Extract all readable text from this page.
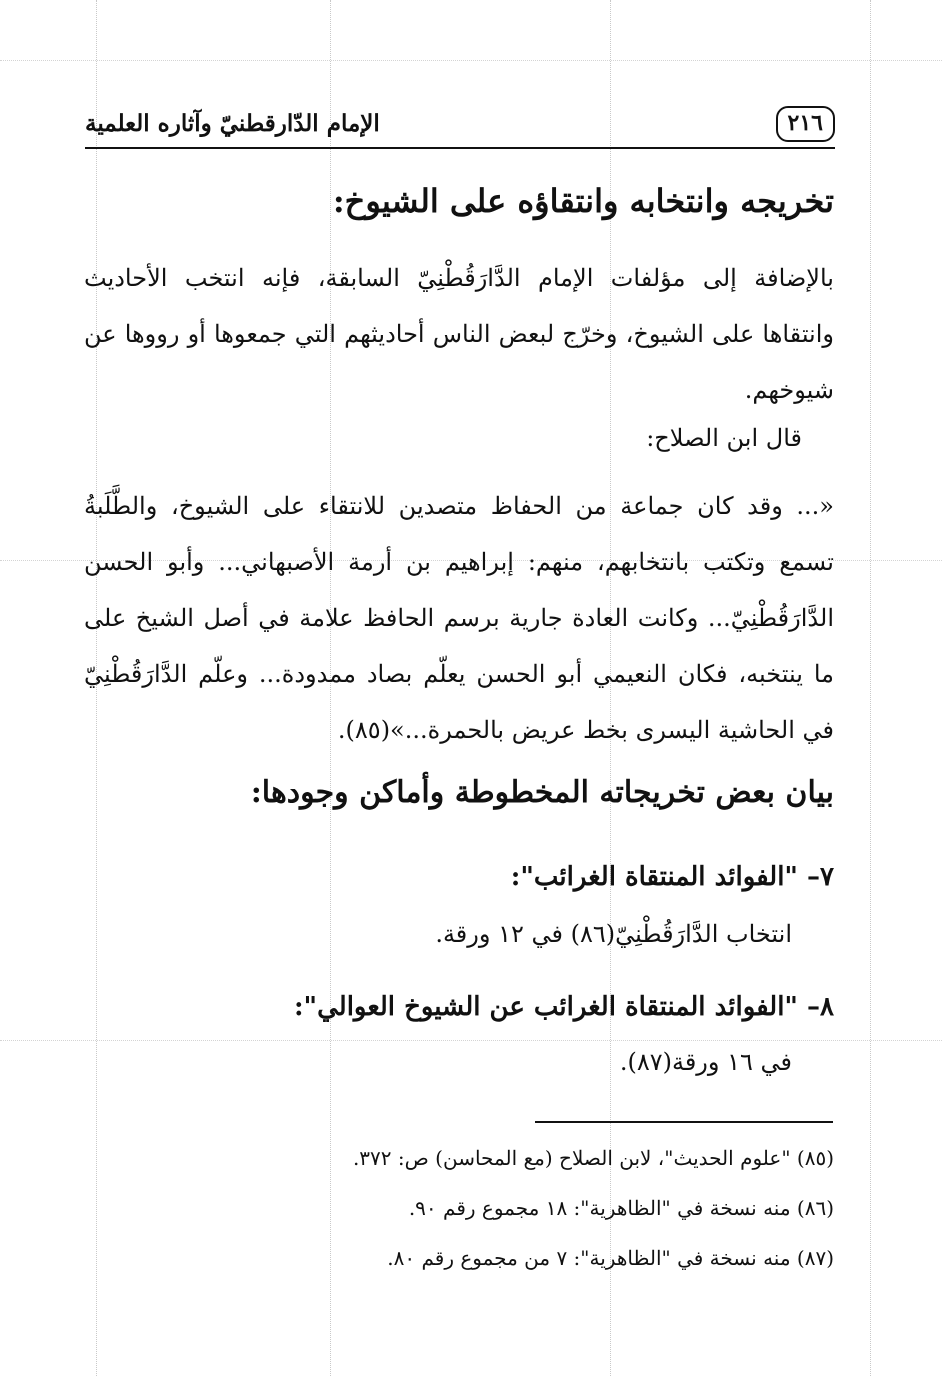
٢١٦
الإمام الدّارقطنيّ وآثاره العلمية
تخريجه وانتخابه وانتقاؤه على الشيوخ:
بالإضافة إلى مؤلفات الإمام الدَّارَقُطْنِيّ السابقة، فإنه انتخب الأحاديث وانتقاها على الشيوخ، وخرّج لبعض الناس أحاديثهم التي جمعوها أو رووها عن شيوخهم.
قال ابن الصلاح:
«... وقد كان جماعة من الحفاظ متصدين للانتقاء على الشيوخ، والطَّلَبةُ تسمع وتكتب بانتخابهم، منهم: إبراهيم بن أرمة الأصبهاني... وأبو الحسن الدَّارَقُطْنِيّ... وكانت العادة جارية برسم الحافظ علامة في أصل الشيخ على ما ينتخبه، فكان النعيمي أبو الحسن يعلّم بصاد ممدودة... وعلّم الدَّارَقُطْنِيّ في الحاشية اليسرى بخط عريض بالحمرة...»(٨٥).
بيان بعض تخريجاته المخطوطة وأماكن وجودها:
٧– "الفوائد المنتقاة الغرائب":
انتخاب الدَّارَقُطْنِيّ(٨٦) في ١٢ ورقة.
٨– "الفوائد المنتقاة الغرائب عن الشيوخ العوالي":
في ١٦ ورقة(٨٧).
(٨٥) "علوم الحديث"، لابن الصلاح (مع المحاسن) ص: ٣٧٢.
(٨٦) منه نسخة في "الظاهرية": ١٨ مجموع رقم ٩٠.
(٨٧) منه نسخة في "الظاهرية": ٧ من مجموع رقم ٨٠.
